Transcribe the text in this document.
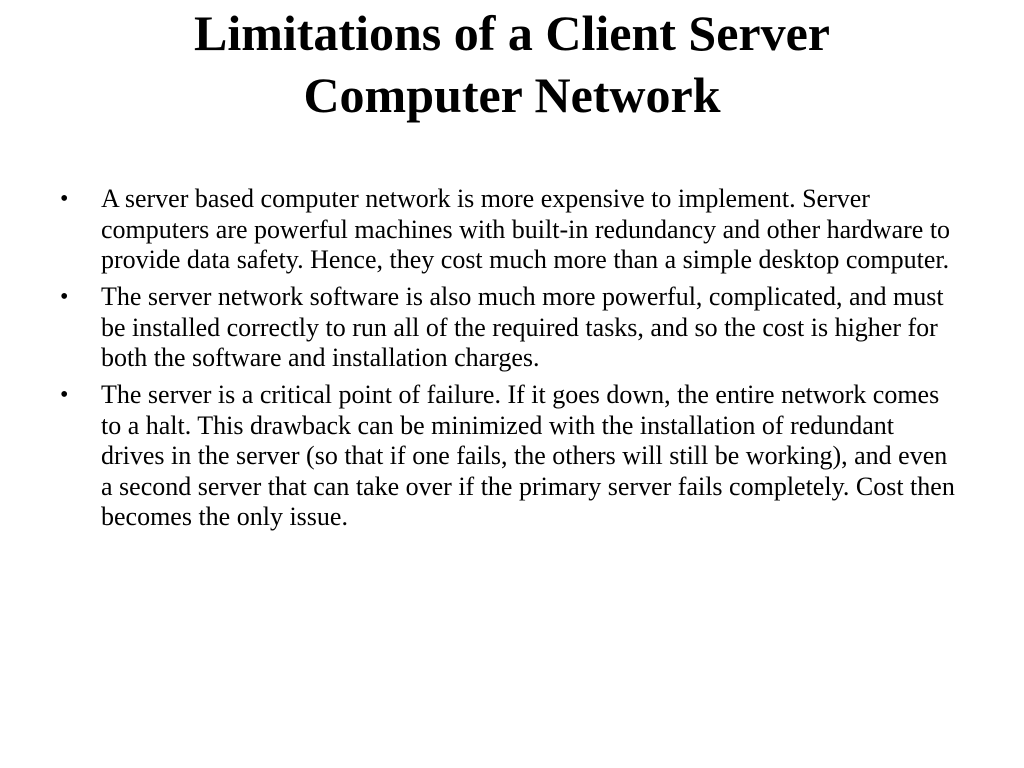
Limitations of a Client Server
Computer Network
• A server based computer network is more expensive to implement. Server computers are powerful machines with built-in redundancy and other hardware to provide data safety. Hence, they cost much more than a simple desktop computer.
• The server network software is also much more powerful, complicated, and must be installed correctly to run all of the required tasks, and so the cost is higher for both the software and installation charges.
• The server is a critical point of failure. If it goes down, the entire network comes to a halt. This drawback can be minimized with the installation of redundant drives in the server (so that if one fails, the others will still be working), and even a second server that can take over if the primary server fails completely. Cost then becomes the only issue.
